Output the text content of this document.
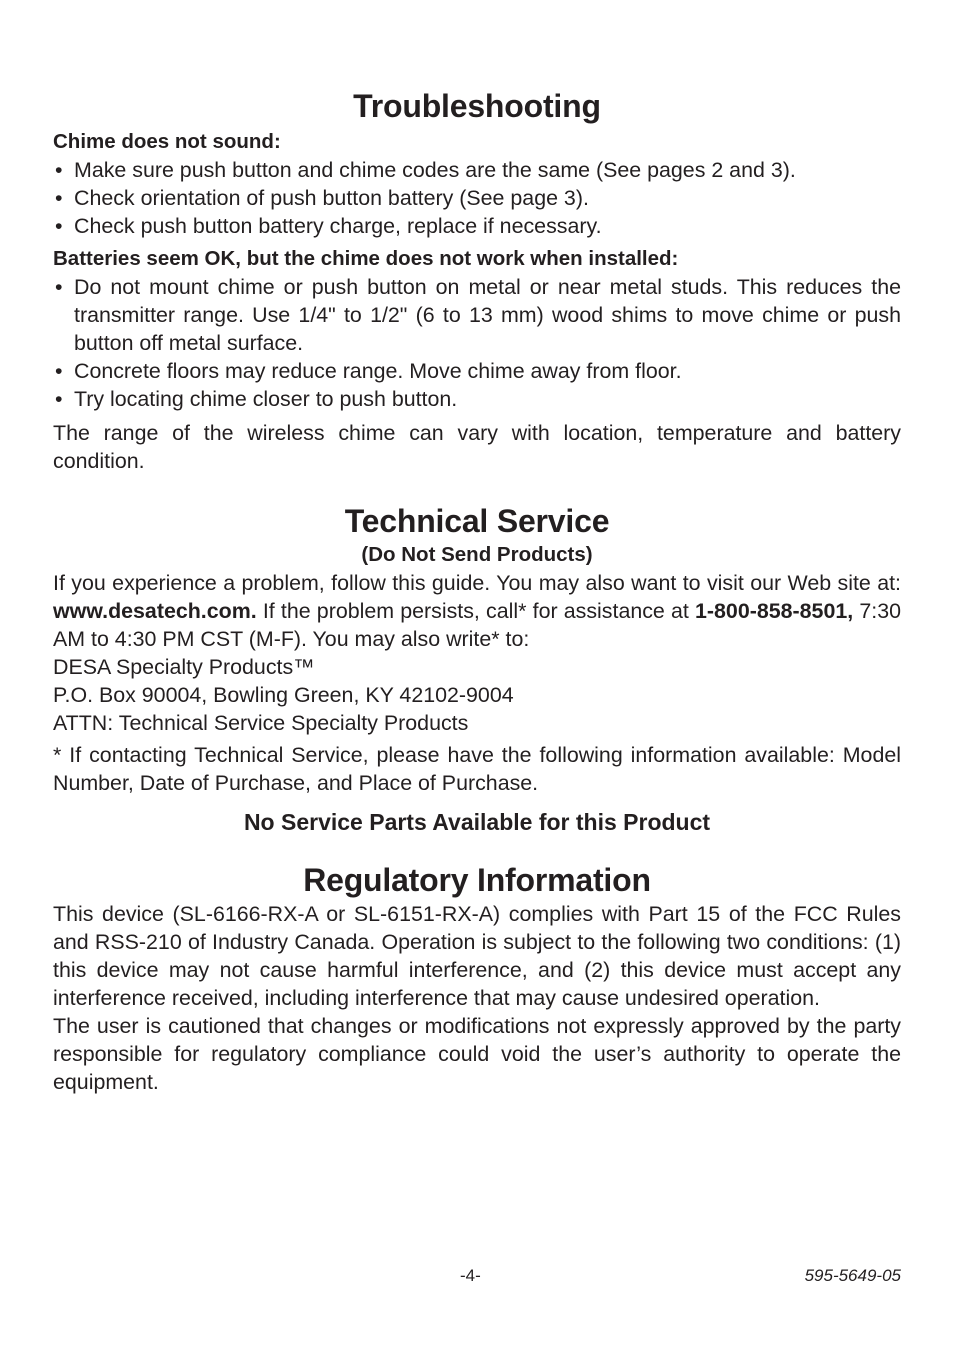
Troubleshooting
Chime does not sound:
• Make sure push button and chime codes are the same (See pages 2 and 3).
• Check orientation of push button battery (See page 3).
• Check push button battery charge, replace if necessary.
Batteries seem OK, but the chime does not work when installed:
• Do not mount chime or push button on metal or near metal studs. This reduces the transmitter range. Use 1/4" to 1/2" (6 to 13 mm) wood shims to move chime or push button off metal surface.
• Concrete floors may reduce range. Move chime away from floor.
• Try locating chime closer to push button.

The range of the wireless chime can vary with location, temperature and battery condition.

Technical Service
(Do Not Send Products)

If you experience a problem, follow this guide. You may also want to visit our Web site at: www.desatech.com. If the problem persists, call* for assistance at 1-800-858-8501, 7:30 AM to 4:30 PM CST (M-F). You may also write* to:

DESA Specialty Products™

P.O. Box 90004, Bowling Green, KY 42102-9004

ATTN: Technical Service Specialty Products

* If contacting Technical Service, please have the following information available: Model Number, Date of Purchase, and Place of Purchase.

No Service Parts Available for this Product
Regulatory Information

This device (SL-6166-RX-A or SL-6151-RX-A) complies with Part 15 of the FCC Rules and RSS-210 of Industry Canada. Operation is subject to the following two conditions: (1) this device may not cause harmful interference, and (2) this device must accept any interference received, including interference that may cause undesired operation.

The user is cautioned that changes or modifications not expressly approved by the party responsible for regulatory compliance could void the user’s authority to operate the equipment.

-4-	595-5649-05
